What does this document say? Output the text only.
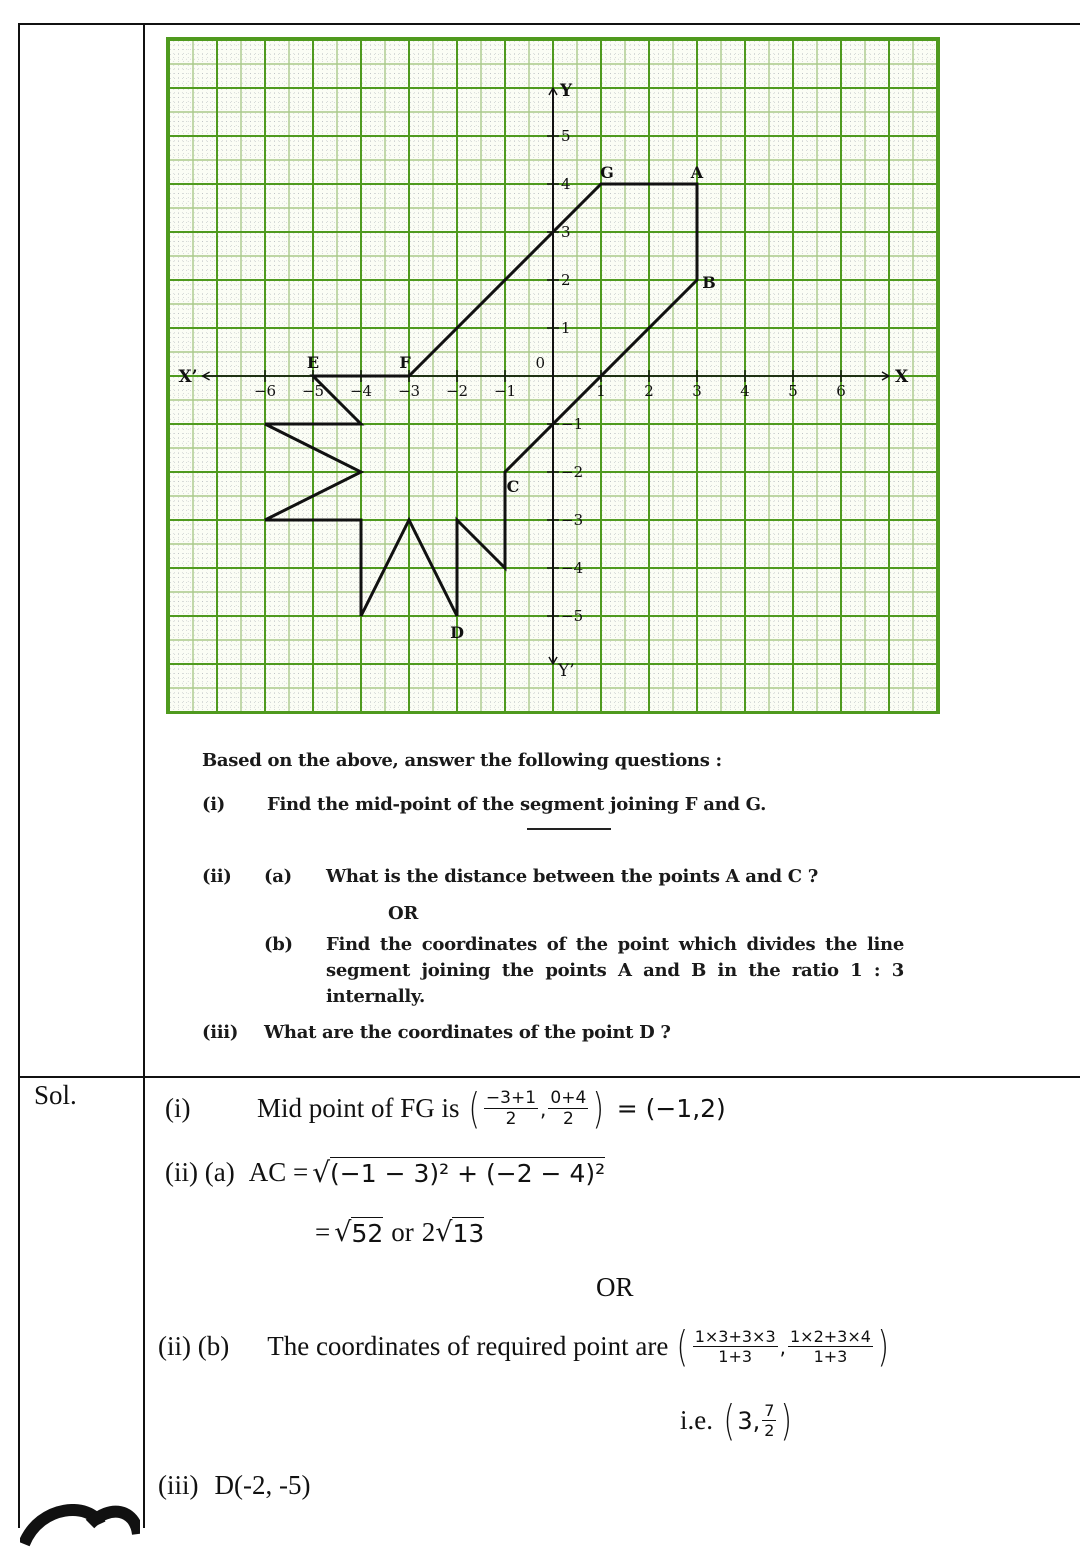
−6 −5 −4 −3 −2 −1	1	2	3	4	5	6
−5
−4
−3
−2
−1
1
2
3
4
5
0
X
X’
Y
Y’
A
B
C
D
E	F
G
Based on the above, answer the following questions :
(i) Find the mid-point of the segment joining F and G.
(ii) (a) What is the distance between the points A and C ?
OR
(b) Find the coordinates of the point which divides the line
segment joining the points A and B in the ratio 1 : 3
internally.
(iii) What are the coordinates of the point D ?
Sol.	(i)	Mid point of FG is ( $\frac{-3+1}{2}$ , $\frac{0+4}{2}$ ) = (−1,2)
(ii) (a) AC = √ (−1 − 3)² + (−2 − 4)²
= √ 52 or 2 √ 13
OR
(ii) (b) The coordinates of required point are ( $\frac{1\times 3+3\times 3}{1+3}$ , $\frac{1\times 2+3\times 4}{1+3}$ )
i.e. ( 3, $\frac{7}{2}$ )
(iii) D(-2, -5)
